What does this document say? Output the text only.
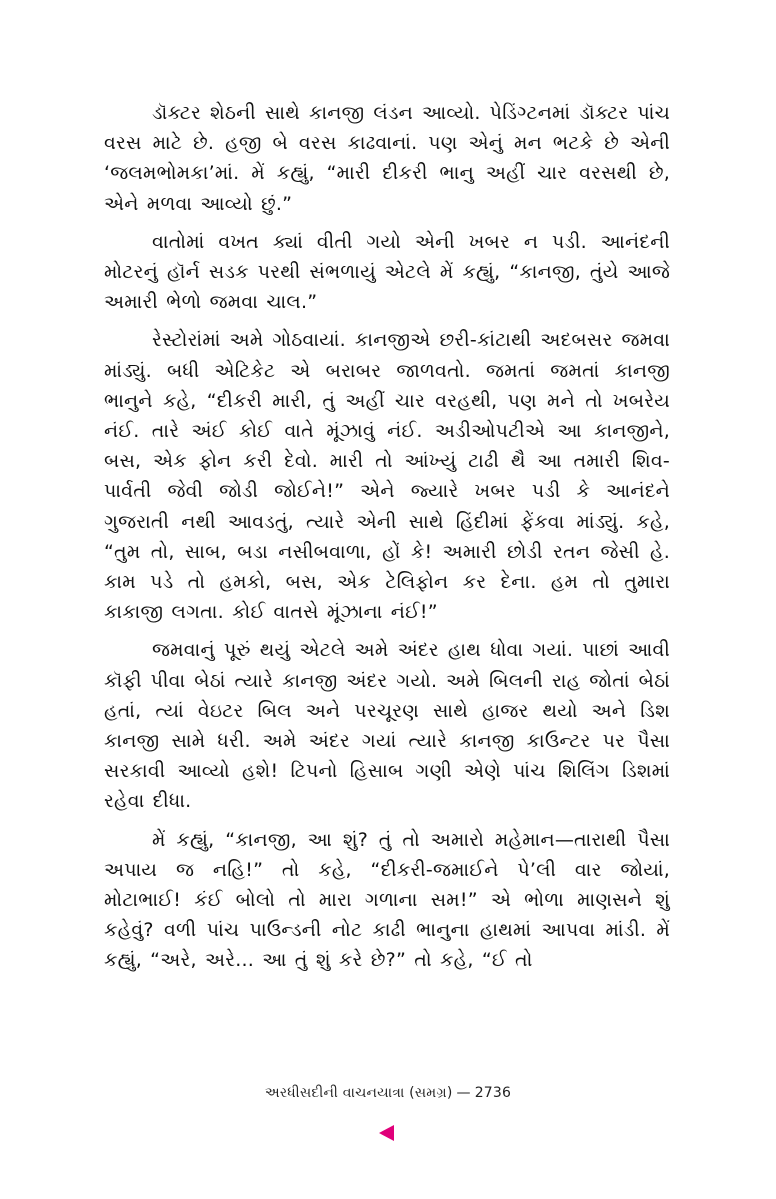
ડૉક્ટર શેઠની સાથે કાનજી લંડન આવ્યો. પેડિંગ્ટનમાં ડૉક્ટર પાંચ વરસ માટે છે. હજી બે વરસ કાઢવાનાં. પણ એનું મન ભટકે છે એની ‘જલમભોમકા’માં. મેં કહ્યું, “મારી દીકરી ભાનુ અહીં ચાર વરસથી છે, એને મળવા આવ્યો છું.”

વાતોમાં વખત ક્યાં વીતી ગયો એની ખબર ન પડી. આનંદની મોટરનું હૉર્ન સડક પરથી સંભળાયું એટલે મેં કહ્યું, “કાનજી, તુંયે આજે અમારી ભેળો જમવા ચાલ.”

રેસ્ટોરાંમાં અમે ગોઠવાયાં. કાનજીએ છરી-કાંટાથી અદબસર જમવા માંડ્યું. બધી એટિકેટ એ બરાબર જાળવતો. જમતાં જમતાં કાનજી ભાનુને કહે, “દીકરી મારી, તું અહીં ચાર વરહથી, પણ મને તો ખબરેય નંઈ. તારે અંઈ કોઈ વાતે મૂંઝાવું નંઈ. અડીઓપટીએ આ કાનજીને, બસ, એક ફોન કરી દેવો. મારી તો આંખ્યું ટાઢી થૈ આ તમારી શિવ-પાર્વતી જેવી જોડી જોઈને!” એને જ્યારે ખબર પડી કે આનંદને ગુજરાતી નથી આવડતું, ત્યારે એની સાથે હિંદીમાં ફેંકવા માંડ્યું. કહે, “તુમ તો, સાબ, બડા નસીબવાળા, હોં કે! અમારી છોડી રતન જેસી હે. કામ પડે તો હમકો, બસ, એક ટેલિફોન કર દેના. હમ તો તુમારા કાકાજી લગતા. કોઈ વાતસે મૂંઝાના નંઈ!”

જમવાનું પૂરું થયું એટલે અમે અંદર હાથ ધોવા ગયાં. પાછાં આવી કૉફી પીવા બેઠાં ત્યારે કાનજી અંદર ગયો. અમે બિલની રાહ જોતાં બેઠાં હતાં, ત્યાં વેઇટર બિલ અને પરચૂરણ સાથે હાજર થયો અને ડિશ કાનજી સામે ધરી. અમે અંદર ગયાં ત્યારે કાનજી કાઉન્ટર પર પૈસા સરકાવી આવ્યો હશે! ટિપનો હિસાબ ગણી એણે પાંચ શિલિંગ ડિશમાં રહેવા દીધા.

મેં કહ્યું, “કાનજી, આ શું? તું તો અમારો મહેમાન—તારાથી પૈસા અપાય જ નહિ!” તો કહે, “દીકરી-જમાઈને પે’લી વાર જોયાં, મોટાભાઈ! કંઈ બોલો તો મારા ગળાના સમ!” એ ભોળા માણસને શું કહેવું? વળી પાંચ પાઉન્ડની નોટ કાઢી ભાનુના હાથમાં આપવા માંડી. મેં કહ્યું, “અરે, અરે... આ તું શું કરે છે?” તો કહે, “ઈ તો

અરધીસદીની વાચનયાત્રા (સમગ્ર) — 2736
